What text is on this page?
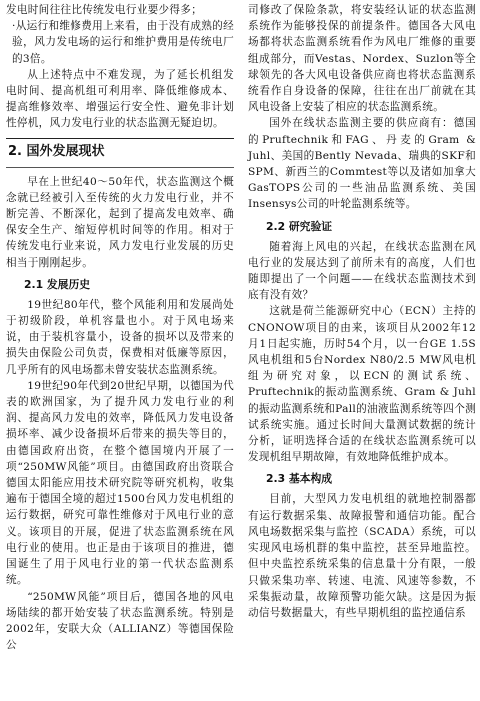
发电时间往往比传统发电行业要少得多；

·从运行和维修费用上来看，由于没有成熟的经验，风力发电场的运行和维护费用是传统电厂的3倍。

从上述特点中不难发现，为了延长机组发电时间、提高机组可利用率、降低维修成本、提高维修效率、增强运行安全性、避免非计划性停机，风力发电行业的状态监测无疑迫切。

2. 国外发展现状

早在上世纪40～50年代，状态监测这个概念就已经被引入至传统的火力发电行业，并不断完善、不断深化，起到了提高发电效率、确保安全生产、缩短停机时间等的作用。相对于传统发电行业来说，风力发电行业发展的历史相当于刚刚起步。

2.1 发展历史

19世纪80年代，整个风能利用和发展尚处于初级阶段，单机容量也小。对于风电场来说，由于装机容量小，设备的损坏以及带来的损失由保险公司负责，保费相对低廉等原因，几乎所有的风电场都未曾安装状态监测系统。

19世纪90年代到20世纪早期，以德国为代表的欧洲国家，为了提升风力发电行业的利润、提高风力发电的效率，降低风力发电设备损坏率、减少设备损坏后带来的损失等目的，由德国政府出资，在整个德国境内开展了一项“250MW风能”项目。由德国政府出资联合德国太阳能应用技术研究院等研究机构，收集遍布于德国全境的超过1500台风力发电机组的运行数据，研究可靠性维修对于风电行业的意义。该项目的开展，促进了状态监测系统在风电行业的使用。也正是由于该项目的推进，德国诞生了用于风电行业的第一代状态监测系统。

“250MW风能”项目后，德国各地的风电场陆续的都开始安装了状态监测系统。特别是2002年，安联大众（ALLIANZ）等德国保险公

司修改了保险条款，将安装经认证的状态监测系统作为能够投保的前提条件。德国各大风电场都将状态监测系统看作为风电厂维修的重要组成部分，而Vestas、Nordex、Suzlon等全球领先的各大风电设备供应商也将状态监测系统看作自身设备的保障，往往在出厂前就在其风电设备上安装了相应的状态监测系统。

国外在线状态监测主要的供应商有：德国的Pruftechnik和FAG、丹麦的Gram & Juhl、美国的Bently Nevada、瑞典的SKF和SPM、新西兰的Commtest等以及诸如加拿大GasTOPS公司的一些油品监测系统、美国Insensys公司的叶轮监测系统等。

2.2 研究验证

随着海上风电的兴起，在线状态监测在风电行业的发展达到了前所未有的高度，人们也随即提出了一个问题——在线状态监测技术到底有没有效？

这就是荷兰能源研究中心（ECN）主持的CNONOW项目的由来，该项目从2002年12月1日起实施，历时54个月，以一台GE 1.5S风电机组和5台Nordex N80/2.5 MW风电机组为研究对象，以ECN的测试系统、Pruftechnik的振动监测系统、Gram & Juhl的振动监测系统和Pall的油液监测系统等四个测试系统实施。通过长时间大量测试数据的统计分析，证明选择合适的在线状态监测系统可以发现机组早期故障，有效地降低维护成本。

2.3 基本构成

目前，大型风力发电机组的就地控制器都有运行数据采集、故障报警和通信功能。配合风电场数据采集与监控（SCADA）系统，可以实现风电场机群的集中监控，甚至异地监控。但中央监控系统采集的信息量十分有限，一般只做采集功率、转速、电流、风速等参数，不采集振动量，故障预警功能欠缺。这是因为振动信号数据量大，有些早期机组的监控通信系
